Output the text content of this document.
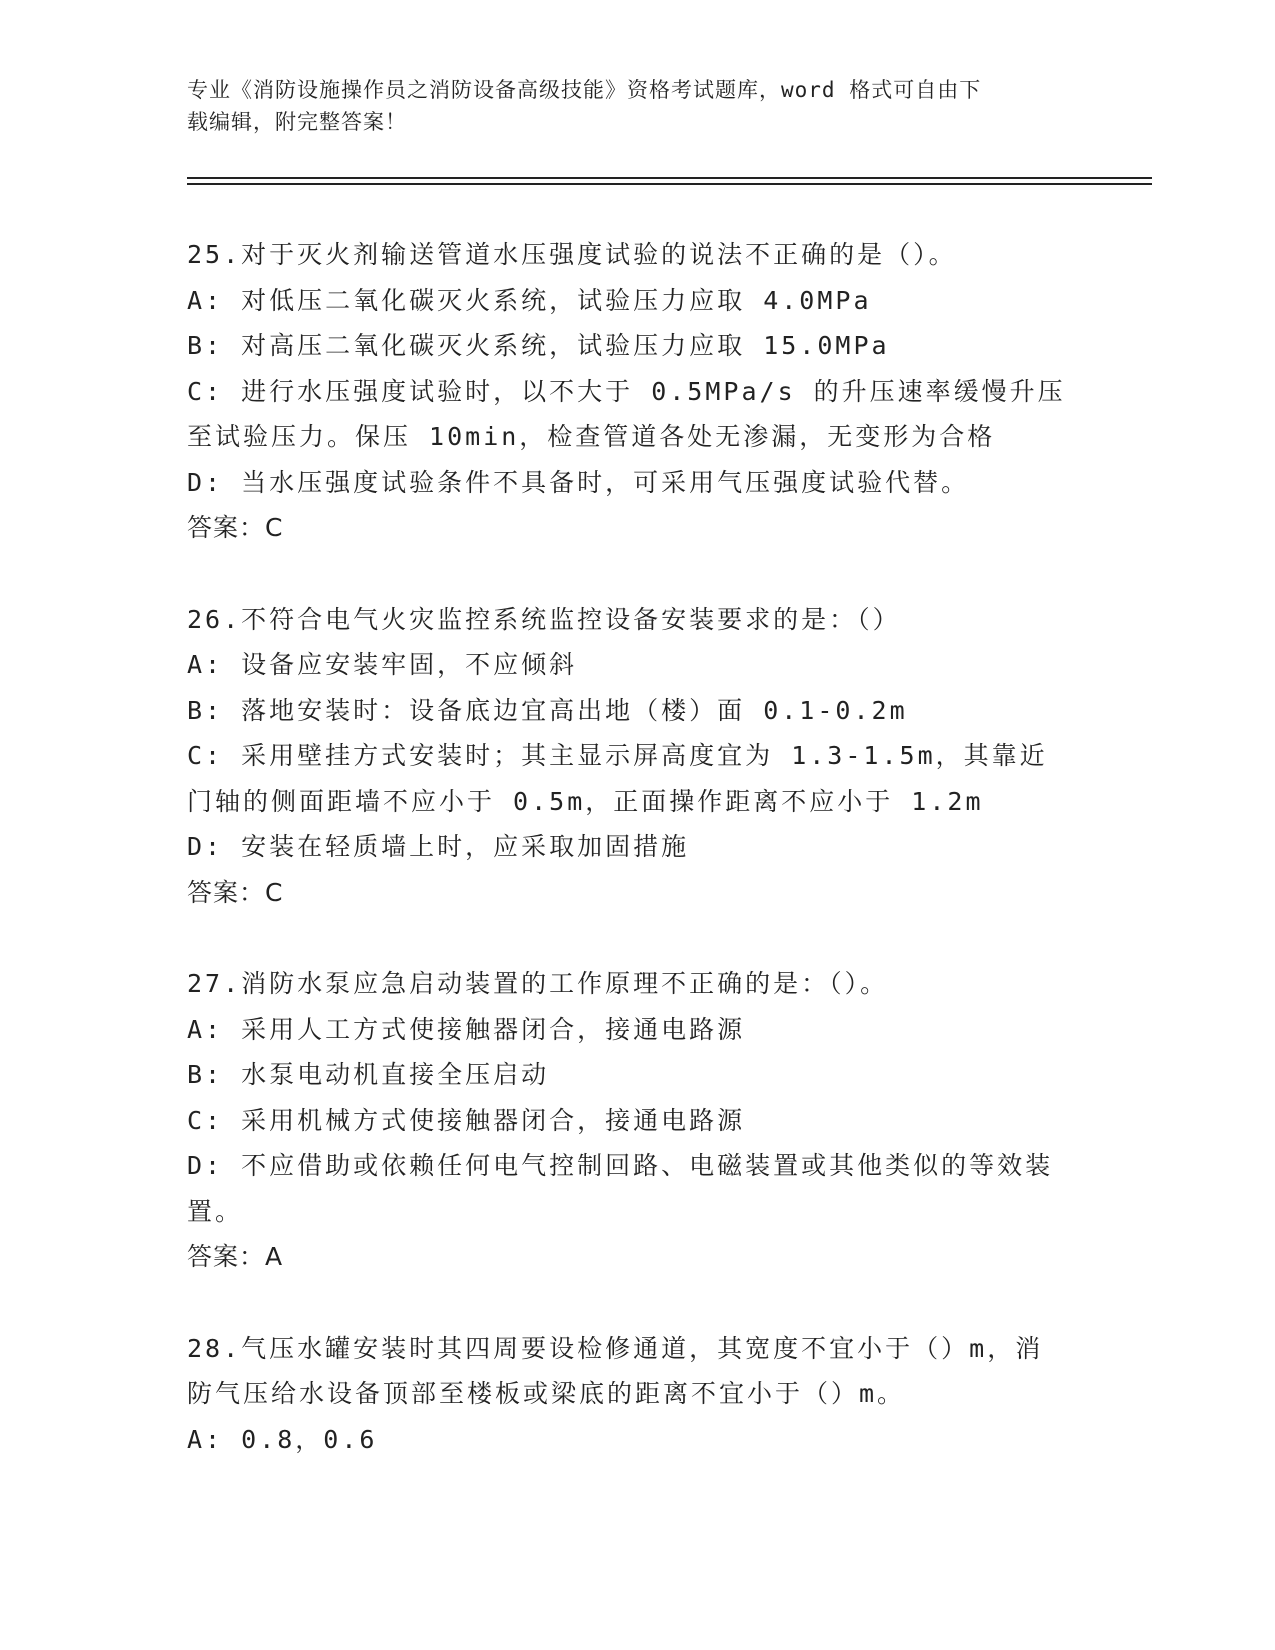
专业《消防设施操作员之消防设备高级技能》资格考试题库，word 格式可自由下
载编辑，附完整答案！

25.对于灭火剂输送管道水压强度试验的说法不正确的是（）。

A: 对低压二氧化碳灭火系统，试验压力应取 4.0MPa

B: 对高压二氧化碳灭火系统，试验压力应取 15.0MPa

C: 进行水压强度试验时，以不大于 0.5MPa/s 的升压速率缓慢升压至试验压力。保压 10min，检查管道各处无渗漏，无变形为合格

D: 当水压强度试验条件不具备时，可采用气压强度试验代替。

答案：C

26.不符合电气火灾监控系统监控设备安装要求的是：（）

A: 设备应安装牢固，不应倾斜

B: 落地安装时：设备底边宜高出地（楼）面 0.1-0.2m

C: 采用壁挂方式安装时；其主显示屏高度宜为 1.3-1.5m，其靠近门轴的侧面距墙不应小于 0.5m，正面操作距离不应小于 1.2m

D: 安装在轻质墙上时，应采取加固措施

答案：C

27.消防水泵应急启动装置的工作原理不正确的是：（）。

A: 采用人工方式使接触器闭合，接通电路源

B: 水泵电动机直接全压启动

C: 采用机械方式使接触器闭合，接通电路源

D: 不应借助或依赖任何电气控制回路、电磁装置或其他类似的等效装置。

答案：A

28.气压水罐安装时其四周要设检修通道，其宽度不宜小于（）m，消防气压给水设备顶部至楼板或梁底的距离不宜小于（）m。

A: 0.8，0.6
